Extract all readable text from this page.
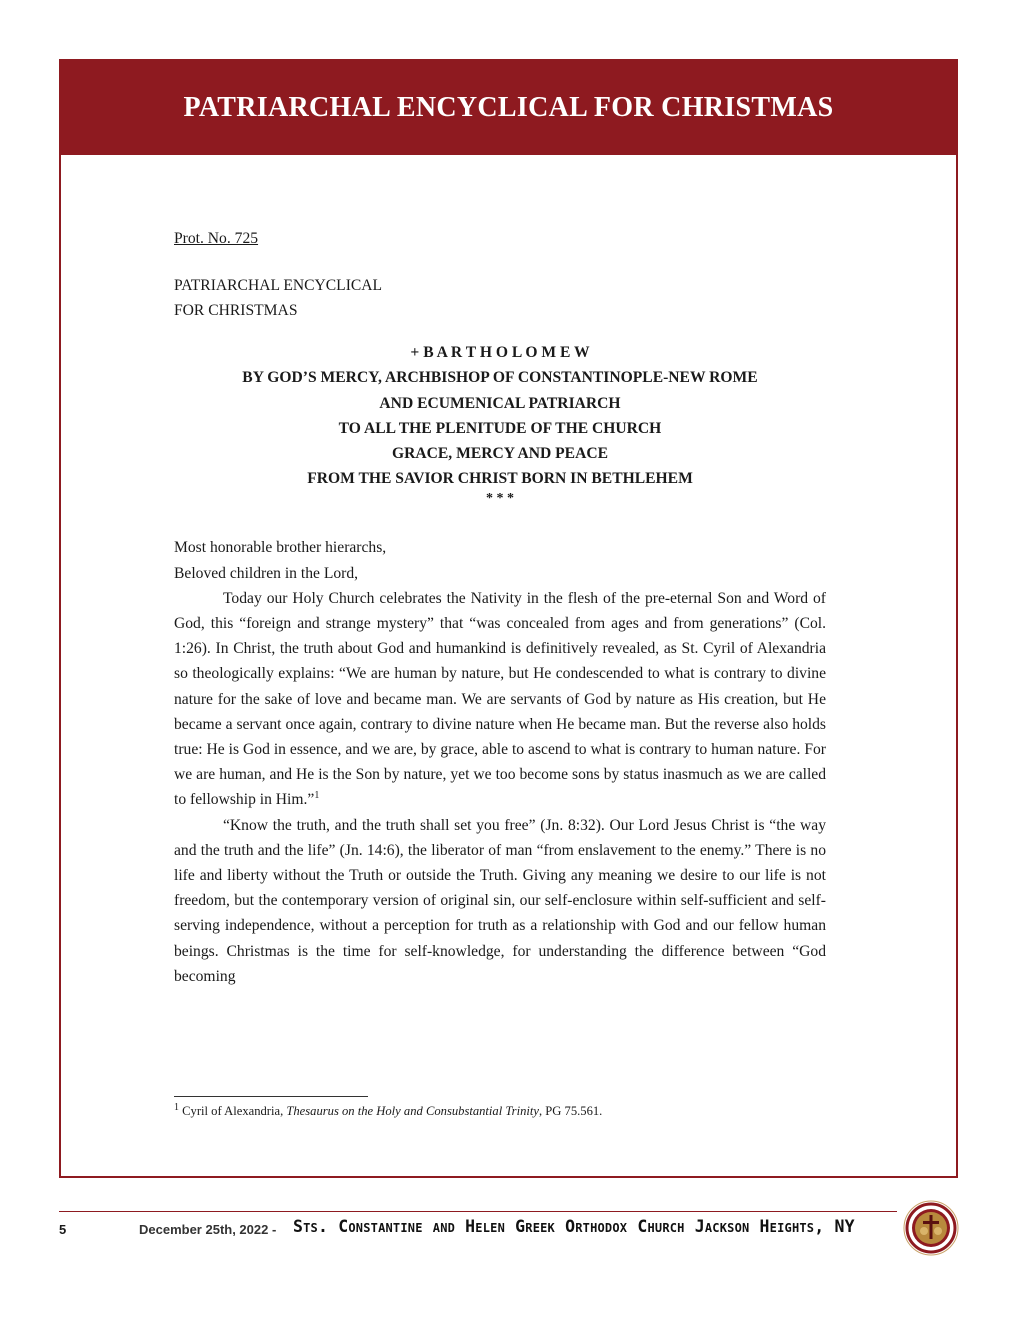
PATRIARCHAL ENCYCLICAL FOR CHRISTMAS

Prot. No. 725

PATRIARCHAL ENCYCLICAL
FOR CHRISTMAS
+ B A R T H O L O M E W
BY GOD’S MERCY, ARCHBISHOP OF CONSTANTINOPLE-NEW ROME
AND ECUMENICAL PATRIARCH
TO ALL THE PLENITUDE OF THE CHURCH
GRACE, MERCY AND PEACE
FROM THE SAVIOR CHRIST BORN IN BETHLEHEM
* * *
Most honorable brother hierarchs,
Beloved children in the Lord,

Today our Holy Church celebrates the Nativity in the flesh of the pre-eternal Son and Word of God, this “foreign and strange mystery” that “was concealed from ages and from generations” (Col. 1:26). In Christ, the truth about God and humankind is definitively revealed, as St. Cyril of Alexandria so theologically explains: “We are human by nature, but He condescended to what is contrary to divine nature for the sake of love and became man. We are servants of God by nature as His creation, but He became a servant once again, contrary to divine nature when He became man. But the reverse also holds true: He is God in essence, and we are, by grace, able to ascend to what is contrary to human nature. For we are human, and He is the Son by nature, yet we too become sons by status inasmuch as we are called to fellowship in Him.”$^1$

“Know the truth, and the truth shall set you free” (Jn. 8:32). Our Lord Jesus Christ is “the way and the truth and the life” (Jn. 14:6), the liberator of man “from enslavement to the enemy.” There is no life and liberty without the Truth or outside the Truth. Giving any meaning we desire to our life is not freedom, but the contemporary version of original sin, our self-enclosure within self-sufficient and self-serving independence, without a perception for truth as a relationship with God and our fellow human beings. Christmas is the time for self-knowledge, for understanding the difference between “God becoming

$^1$ Cyril of Alexandria, Thesaurus on the Holy and Consubstantial Trinity, PG 75.561.
5	December 25th, 2022 - Sts. Constantine and Helen Greek Orthodox Church Jackson Heights, NY
